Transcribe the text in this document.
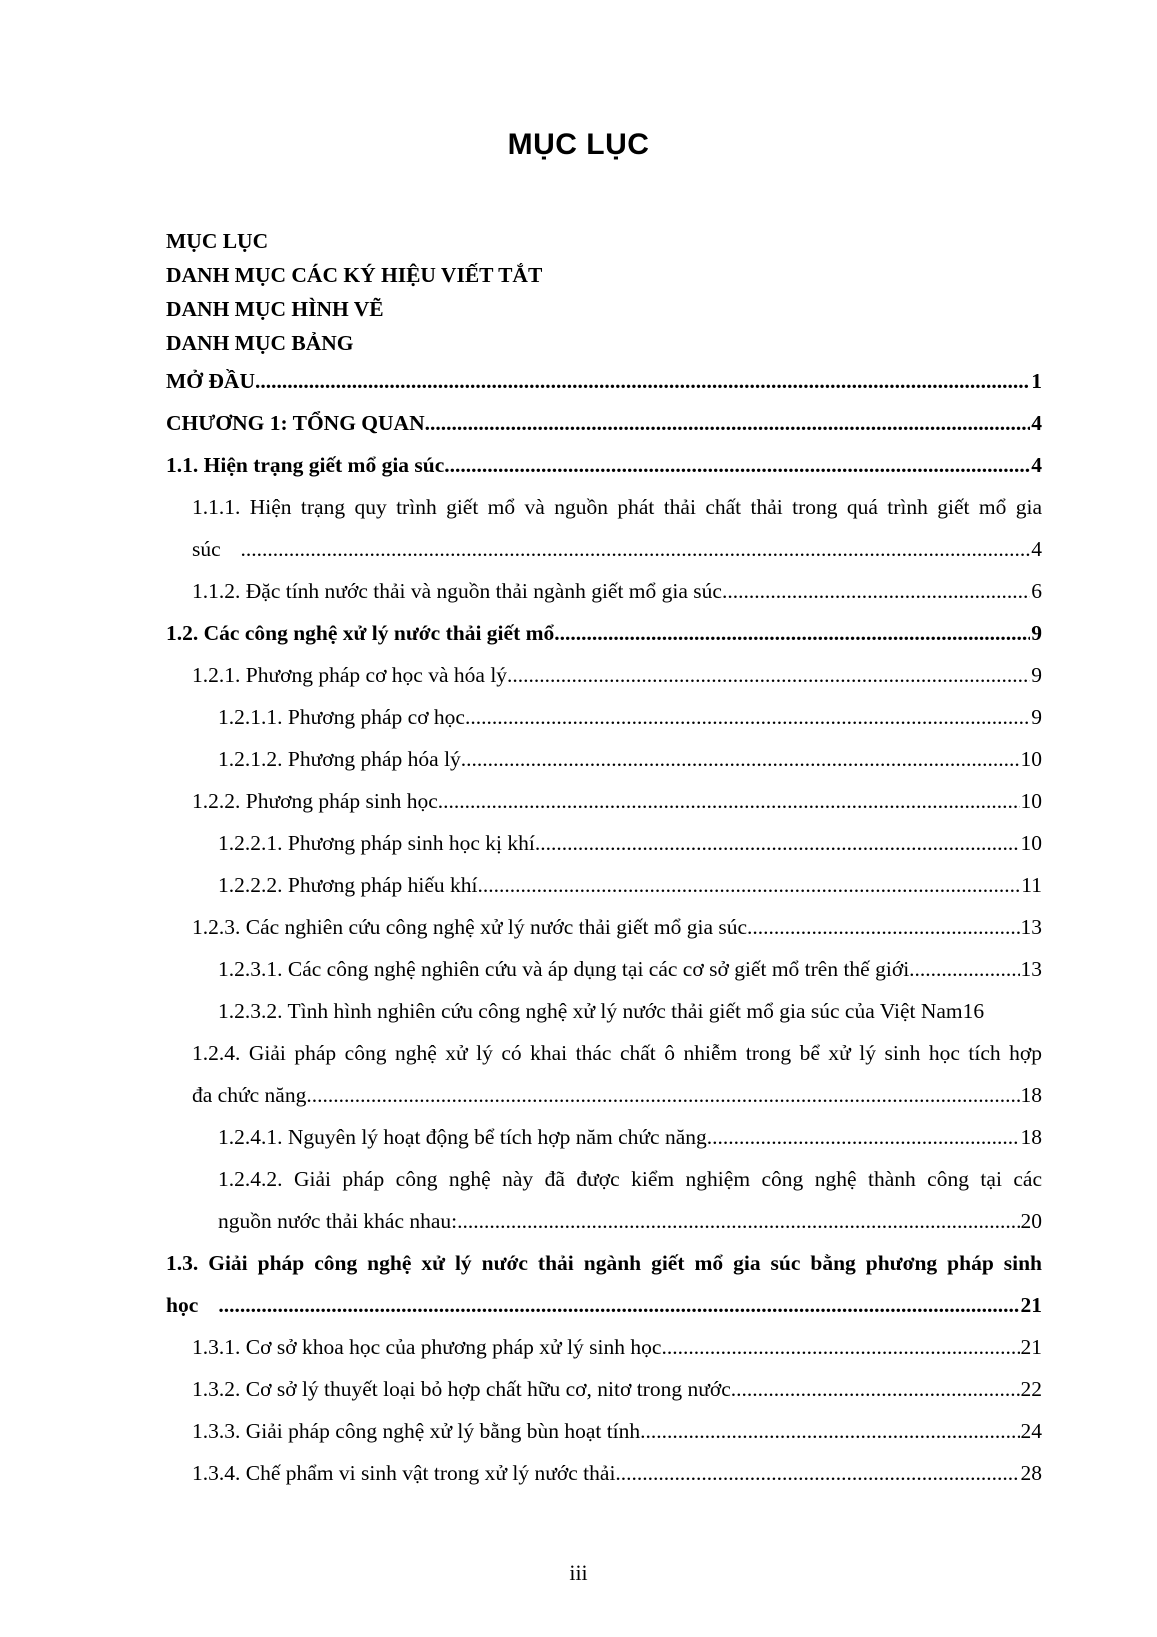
MỤC LỤC
MỤC LỤC
DANH MỤC CÁC KÝ HIỆU VIẾT TẮT
DANH MỤC HÌNH VẼ
DANH MỤC BẢNG
MỞ ĐẦU .....	1
CHƯƠNG 1: TỔNG QUAN .....	4
1.1. Hiện trạng giết mổ gia súc .....	4
1.1.1. Hiện trạng quy trình giết mổ và nguồn phát thải chất thải trong quá trình giết mổ gia
súc .....	4
1.1.2. Đặc tính nước thải và nguồn thải ngành giết mổ gia súc .....	6
1.2. Các công nghệ xử lý nước thải giết mổ .....	9
1.2.1. Phương pháp cơ học và hóa lý .....	9
1.2.1.1. Phương pháp cơ học .....	9
1.2.1.2. Phương pháp hóa lý .....	10
1.2.2. Phương pháp sinh học .....	10
1.2.2.1. Phương pháp sinh học kị khí .....	10
1.2.2.2. Phương pháp hiếu khí .....	11
1.2.3. Các nghiên cứu công nghệ xử lý nước thải giết mổ gia súc .....	13
1.2.3.1. Các công nghệ nghiên cứu và áp dụng tại các cơ sở giết mổ trên thế giới .....	13
1.2.3.2. Tình hình nghiên cứu công nghệ xử lý nước thải giết mổ gia súc của Việt Nam16
1.2.4. Giải pháp công nghệ xử lý có khai thác chất ô nhiễm trong bể xử lý sinh học tích hợp
đa chức năng .....	18
1.2.4.1. Nguyên lý hoạt động bể tích hợp năm chức năng .....	18
1.2.4.2. Giải pháp công nghệ này đã được kiểm nghiệm công nghệ thành công tại các
nguồn nước thải khác nhau: .....	20
1.3. Giải pháp công nghệ xử lý nước thải ngành giết mổ gia súc bằng phương pháp sinh
học .....	21
1.3.1. Cơ sở khoa học của phương pháp xử lý sinh học .....	21
1.3.2. Cơ sở lý thuyết loại bỏ hợp chất hữu cơ, nitơ trong nước .....	22
1.3.3. Giải pháp công nghệ xử lý bằng bùn hoạt tính .....	24
1.3.4. Chế phẩm vi sinh vật trong xử lý nước thải .....	28
iii
